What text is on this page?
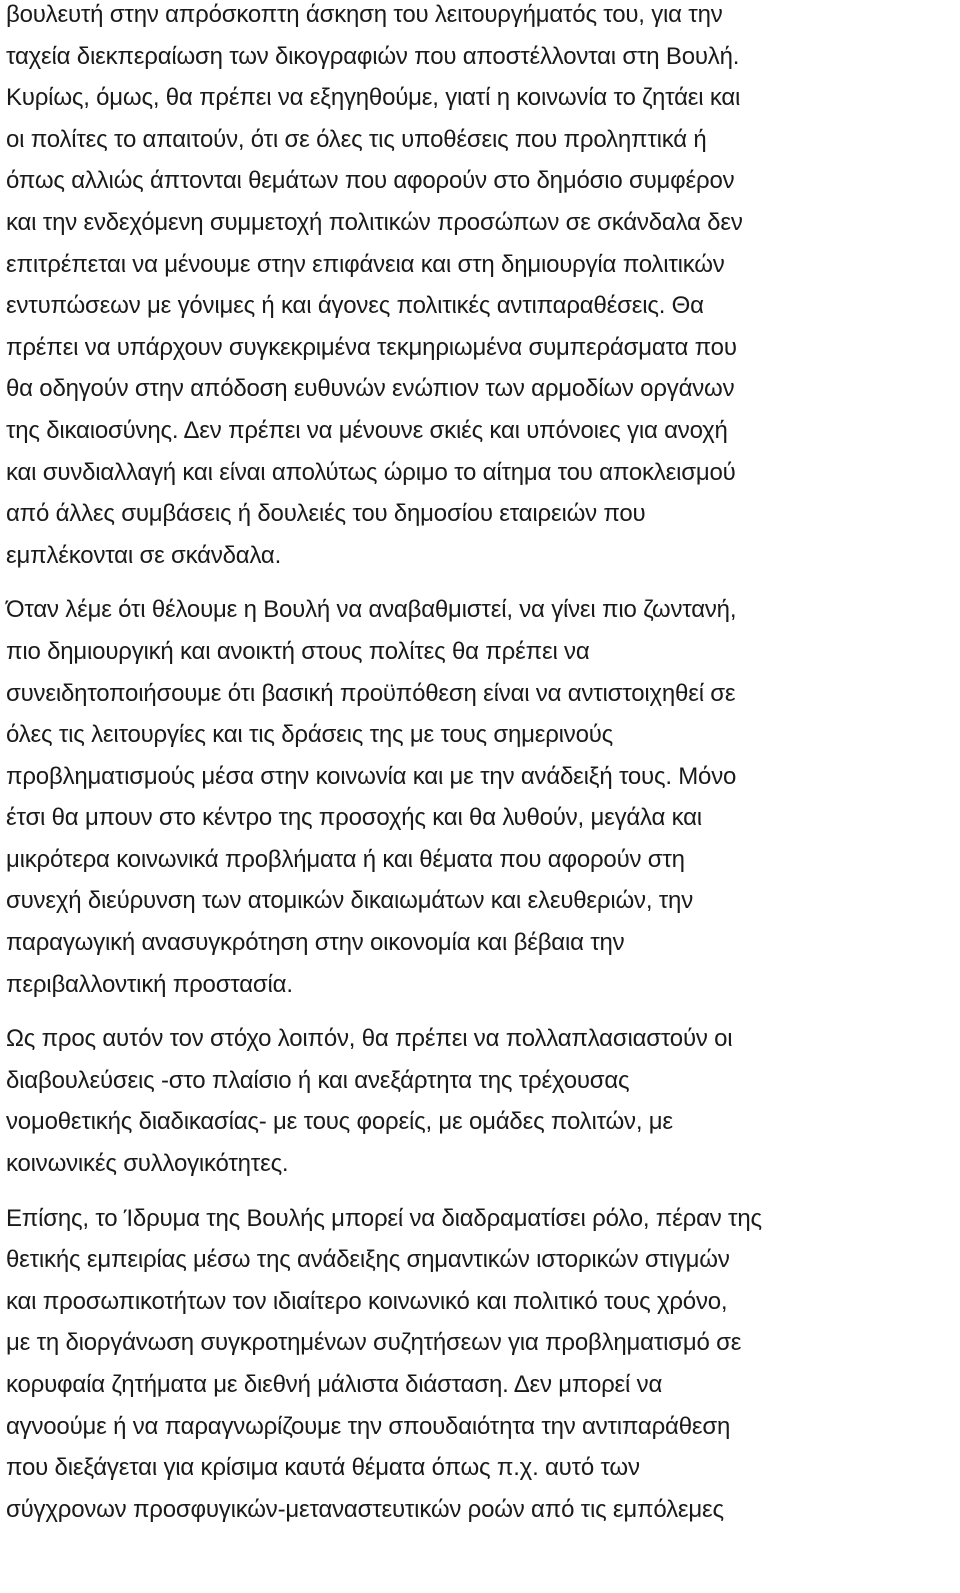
βουλευτή στην απρόσκοπτη άσκηση του λειτουργήματός του, για την
ταχεία διεκπεραίωση των δικογραφιών που αποστέλλονται στη Βουλή.
Κυρίως, όμως, θα πρέπει να εξηγηθούμε, γιατί η κοινωνία το ζητάει και
οι πολίτες το απαιτούν, ότι σε όλες τις υποθέσεις που προληπτικά ή
όπως αλλιώς άπτονται θεμάτων που αφορούν στο δημόσιο συμφέρον
και την ενδεχόμενη συμμετοχή πολιτικών προσώπων σε σκάνδαλα δεν
επιτρέπεται να μένουμε στην επιφάνεια και στη δημιουργία πολιτικών
εντυπώσεων με γόνιμες ή και άγονες πολιτικές αντιπαραθέσεις. Θα
πρέπει να υπάρχουν συγκεκριμένα τεκμηριωμένα συμπεράσματα που
θα οδηγούν στην απόδοση ευθυνών ενώπιον των αρμοδίων οργάνων
της δικαιοσύνης. Δεν πρέπει να μένουνε σκιές και υπόνοιες για ανοχή
και συνδιαλλαγή και είναι απολύτως ώριμο το αίτημα του αποκλεισμού
από άλλες συμβάσεις ή δουλειές του δημοσίου εταιρειών που
εμπλέκονται σε σκάνδαλα.
Όταν λέμε ότι θέλουμε η Βουλή να αναβαθμιστεί, να γίνει πιο ζωντανή,
πιο δημιουργική και ανοικτή στους πολίτες θα πρέπει να
συνειδητοποιήσουμε ότι βασική προϋπόθεση είναι να αντιστοιχηθεί σε
όλες τις λειτουργίες και τις δράσεις της με τους σημερινούς
προβληματισμούς μέσα στην κοινωνία και με την ανάδειξή τους. Μόνο
έτσι θα μπουν στο κέντρο της προσοχής και θα λυθούν, μεγάλα και
μικρότερα κοινωνικά προβλήματα ή και θέματα που αφορούν στη
συνεχή διεύρυνση των ατομικών δικαιωμάτων και ελευθεριών, την
παραγωγική ανασυγκρότηση στην οικονομία και βέβαια την
περιβαλλοντική προστασία.
Ως προς αυτόν τον στόχο λοιπόν, θα πρέπει να πολλαπλασιαστούν οι
διαβουλεύσεις -στο πλαίσιο ή και ανεξάρτητα της τρέχουσας
νομοθετικής διαδικασίας- με τους φορείς, με ομάδες πολιτών, με
κοινωνικές συλλογικότητες.
Επίσης, το Ίδρυμα της Βουλής μπορεί να διαδραματίσει ρόλο, πέραν της
θετικής εμπειρίας μέσω της ανάδειξης σημαντικών ιστορικών στιγμών
και προσωπικοτήτων τον ιδιαίτερο κοινωνικό και πολιτικό τους χρόνο,
με τη διοργάνωση συγκροτημένων συζητήσεων για προβληματισμό σε
κορυφαία ζητήματα με διεθνή μάλιστα διάσταση. Δεν μπορεί να
αγνοούμε ή να παραγνωρίζουμε την σπουδαιότητα την αντιπαράθεση
που διεξάγεται για κρίσιμα καυτά θέματα όπως π.χ. αυτό των
σύγχρονων προσφυγικών-μεταναστευτικών ροών από τις εμπόλεμες
